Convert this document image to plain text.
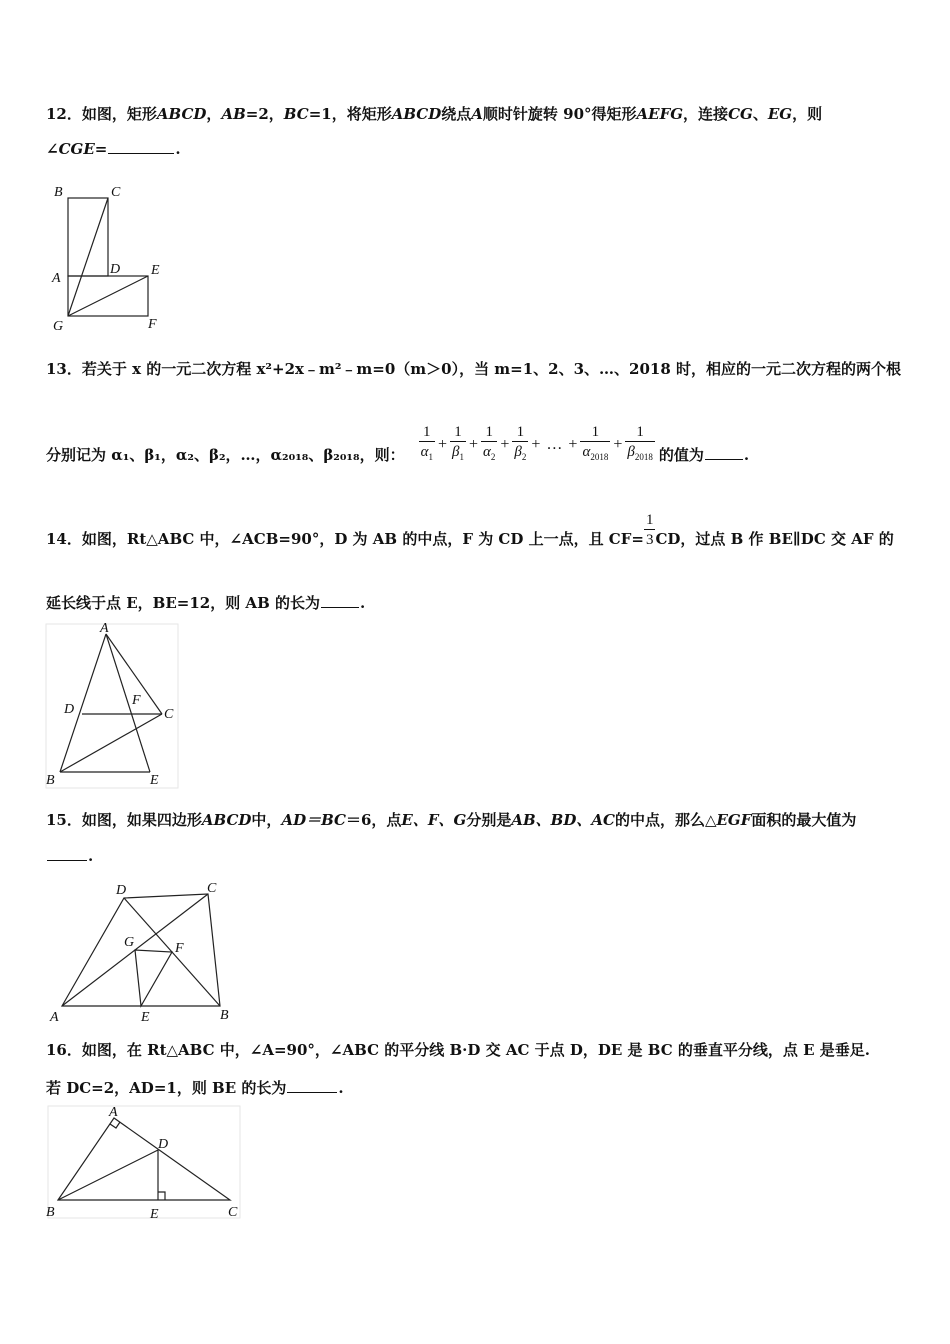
12．如图，矩形ABCD，AB=2，BC=1，将矩形ABCD绕点A顺时针旋转 90°得矩形AEFG，连接CG、EG，则
∠CGE=	.
B	C
A
D E
G	F
13．若关于 x 的一元二次方程 x²+2x﹣m²﹣m=0（m＞0），当 m=1、2、3、…、2018 时，相应的一元二次方程的两个根
分别记为 α₁、β₁，α₂、β₂，…，α₂₀₁₈、β₂₀₁₈，则： $\frac{1}{\alpha_1} + \frac{1}{\beta_1} + \frac{1}{\alpha_2} + \frac{1}{\beta_2}$ + … + $\frac{1}{\alpha_{2018}} + \frac{1}{\beta_{2018}}$ 的值为	.
14．如图，Rt△ABC 中，∠ACB=90°，D 为 AB 的中点，F 为 CD 上一点，且 $CF= \frac{1}{3}$ CD，过点 B 作 BE∥DC 交 AF 的
延长线于点 E，BE=12，则 AB 的长为	.
A
D
F
C
B	E
15．如图，如果四边形ABCD中，AD＝BC＝6，点E、F、G分别是AB、BD、AC的中点，那么△EGF面积的最大值为
.
D	C
G	F
A	E	B
16．如图，在 Rt△ABC 中，∠A=90°，∠ABC 的平分线 B·D 交 AC 于点 D，DE 是 BC 的垂直平分线，点 E 是垂足.
若 DC=2，AD=1，则 BE 的长为	.
A
D
B	E	C
